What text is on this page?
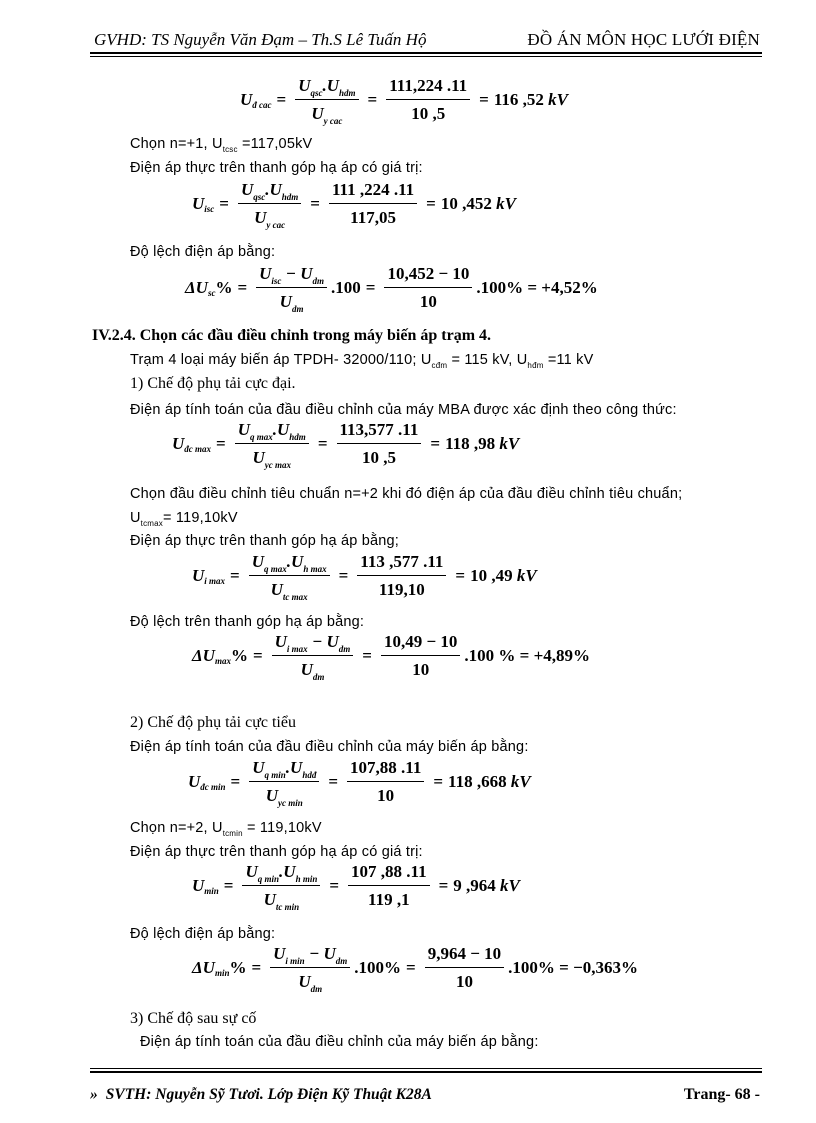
GVHD: TS Nguyễn Văn Đạm – Th.S Lê Tuấn Hộ	ĐỒ ÁN MÔN HỌC LƯỚI ĐIỆN
U đ cac = $\frac{U_{qsc}.U_{hdm}}{U_{y cac}} = \frac{111,224 .11}{10 ,5} = 116$ ,52
kV
Chọn n=+1, $U_{tcsc} =117,05kV$
Điện áp thực trên thanh góp hạ áp có giá trị:
U isc = $\frac{U_{qsc}.U_{hdm}}{U_{y cac}} = \frac{111 ,224 .11}{117,05} = 10$ ,452
kV
Độ lệch điện áp bằng:
ΔU sc % = $\frac{U_{isc} - U_{dm}}{U_{dm}} .100 = \frac{10,452 - 10}{10} .100\% = +4,52\%$
IV.2.4. Chọn các đầu điều chỉnh trong máy biến áp trạm 4.
Trạm 4 loại máy biến áp TPDH- 32000/110; $U_{cđm} = 115$ kV, $U_{hđm} =11$ kV
1) Chế độ phụ tải cực đại.
Điện áp tính toán của đầu điều chỉnh của máy MBA được xác định theo công thức:
U đc $\max = \frac{U_{q max}.U_{hdm}}{U_{yc max}} = \frac{113,577 .11}{10 ,5} = 118$ ,98
kV
Chọn đầu điều chỉnh tiêu chuẩn n=+2 khi đó điện áp của đầu điều chỉnh tiêu chuẩn;
$U_{tcmax}= 119,10kV$
Điện áp thực trên thanh góp hạ áp bằng;
U i $\max = \frac{U_{q max}.U_{h max}}{U_{tc max}} = \frac{113 ,577 .11}{119,10} = 10$ ,49
kV
Độ lệch trên thanh góp hạ áp bằng:
ΔU max % = $\frac{U_{i max} - U_{dm}}{U_{dm}} = \frac{10,49 - 10}{10} .100$ % = +4,89%
2) Chế độ phụ tải cực tiểu
Điện áp tính toán của đầu điều chỉnh của máy biến áp bằng:
U đc $\min = \frac{U_{q min}.U_{hdđ}}{U_{yc min}} = \frac{107,88 .11}{10} = 118$ ,668
kV
Chọn n=+2, $U_{tcmin} = 119,10kV$
Điện áp thực trên thanh góp hạ áp có giá trị:
U $\min = \frac{U_{q min}.U_{h min}}{U_{tc min}} = \frac{107 ,88 .11}{119 ,1} = 9$ ,964
kV
Độ lệch điện áp bằng:
ΔU min % = $\frac{U_{i min} - U_{dm}}{U_{dm}} .100\% = \frac{9,964 - 10}{10} .100\% = -0,363\%$
3) Chế độ sau sự cố
Điện áp tính toán của đầu điều chỉnh của máy biến áp bằng:
» SVTH: Nguyễn Sỹ Tươi. Lớp Điện Kỹ Thuật K28A	Trang- 68 -
